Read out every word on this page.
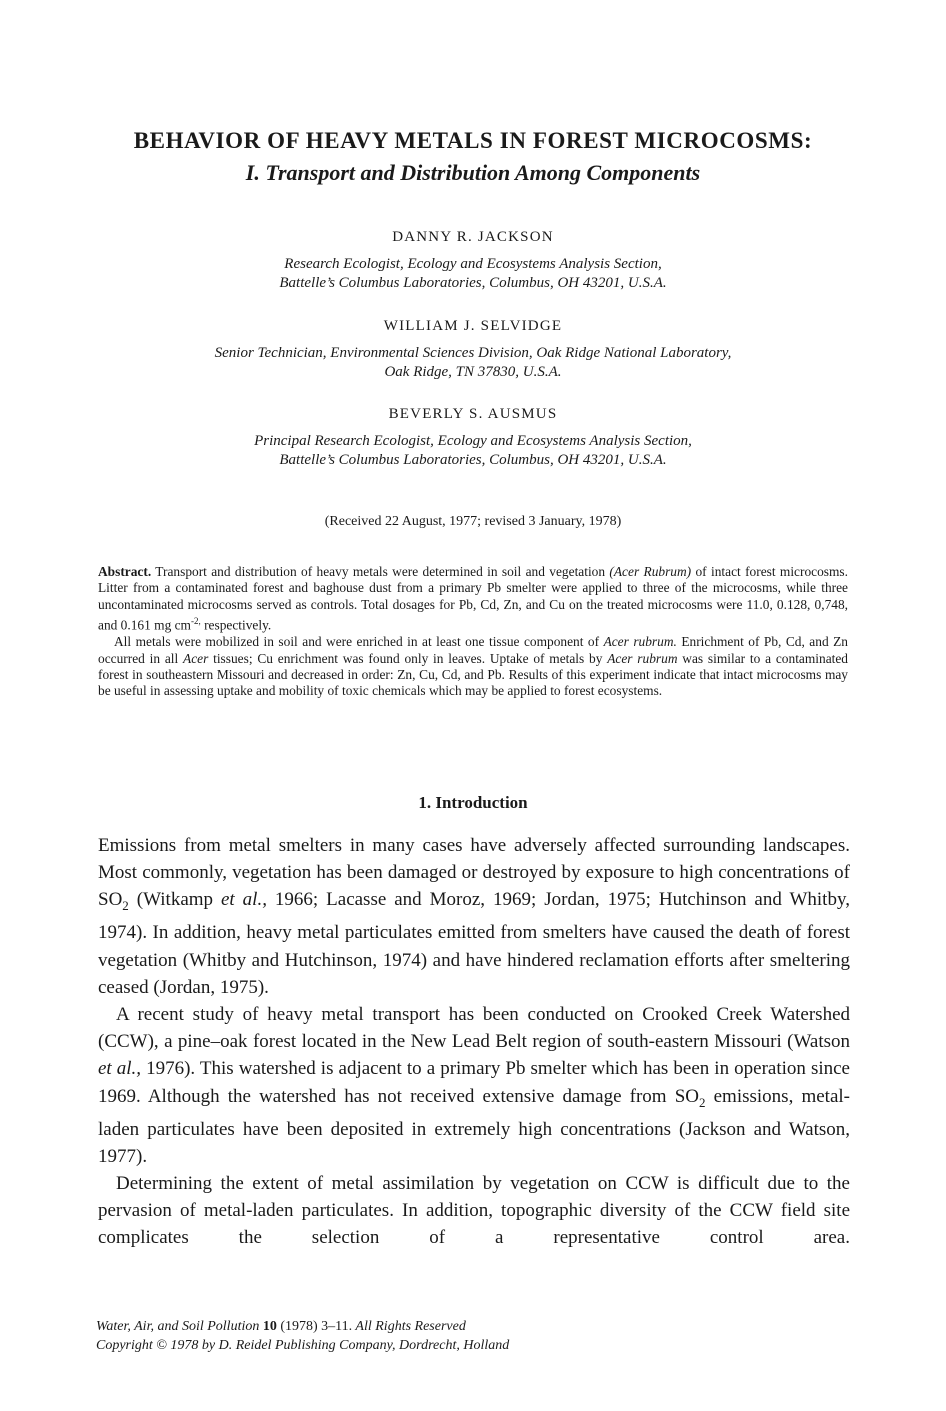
BEHAVIOR OF HEAVY METALS IN FOREST MICROCOSMS:
I. Transport and Distribution Among Components
DANNY R. JACKSON
Research Ecologist, Ecology and Ecosystems Analysis Section,
Battelle’s Columbus Laboratories, Columbus, OH 43201, U.S.A.
WILLIAM J. SELVIDGE
Senior Technician, Environmental Sciences Division, Oak Ridge National Laboratory,
Oak Ridge, TN 37830, U.S.A.
BEVERLY S. AUSMUS
Principal Research Ecologist, Ecology and Ecosystems Analysis Section,
Battelle’s Columbus Laboratories, Columbus, OH 43201, U.S.A.
(Received 22 August, 1977; revised 3 January, 1978)

Abstract. Transport and distribution of heavy metals were determined in soil and vegetation (Acer Rubrum) of intact forest microcosms. Litter from a contaminated forest and baghouse dust from a primary Pb smelter were applied to three of the microcosms, while three uncontaminated microcosms served as controls. Total dosages for Pb, Cd, Zn, and Cu on the treated microcosms were 11.0, 0.128, 0,748, and 0.161 mg $cm^{-2,}$ respectively.

All metals were mobilized in soil and were enriched in at least one tissue component of Acer rubrum. Enrichment of Pb, Cd, and Zn occurred in all Acer tissues; Cu enrichment was found only in leaves. Uptake of metals by Acer rubrum was similar to a contaminated forest in southeastern Missouri and decreased in order: Zn, Cu, Cd, and Pb. Results of this experiment indicate that intact microcosms may be useful in assessing uptake and mobility of toxic chemicals which may be applied to forest ecosystems.

1. Introduction

Emissions from metal smelters in many cases have adversely affected surrounding landscapes. Most commonly, vegetation has been damaged or destroyed by exposure to high concentrations of $SO_2$ (Witkamp et al., 1966; Lacasse and Moroz, 1969; Jordan, 1975; Hutchinson and Whitby, 1974). In addition, heavy metal particulates emitted from smelters have caused the death of forest vegetation (Whitby and Hutchinson, 1974) and have hindered reclamation efforts after smeltering ceased (Jordan, 1975).

A recent study of heavy metal transport has been conducted on Crooked Creek Watershed (CCW), a pine–oak forest located in the New Lead Belt region of south-eastern Missouri (Watson et al., 1976). This watershed is adjacent to a primary Pb smelter which has been in operation since 1969. Although the watershed has not received extensive damage from $SO_2$ emissions, metal-laden particulates have been deposited in extremely high concentrations (Jackson and Watson, 1977).

Determining the extent of metal assimilation by vegetation on CCW is difficult due to the pervasion of metal-laden particulates. In addition, topographic diversity of the CCW field site complicates the selection of a representative control area.

Water, Air, and Soil Pollution 10 (1978) 3–11. All Rights Reserved
Copyright © 1978 by D. Reidel Publishing Company, Dordrecht, Holland
